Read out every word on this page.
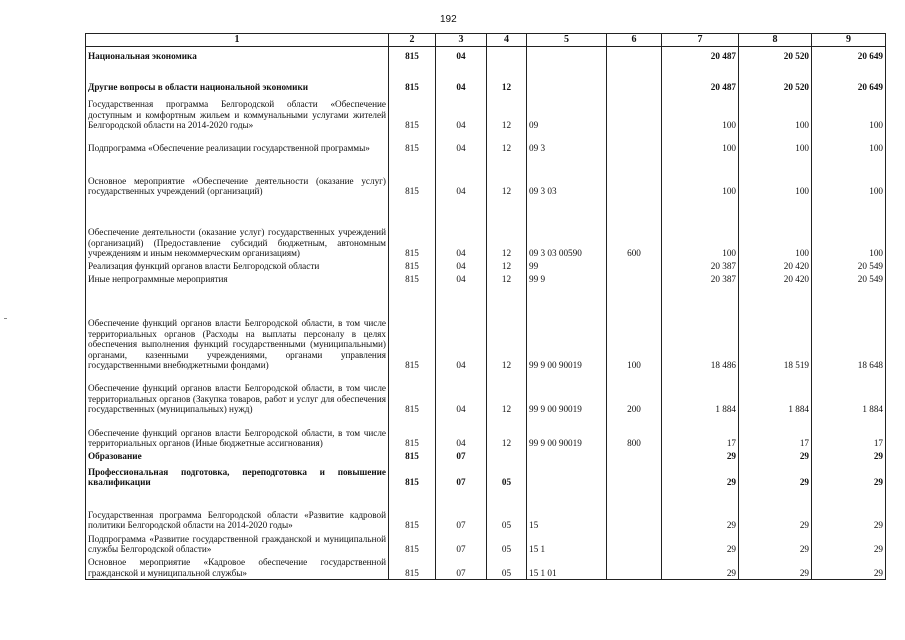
192
1	2	3	4	5	6	7	8	9
Национальная экономика	815	04				20 487	20 520	20 649
Другие вопросы в области национальной экономики	815	04	12			20 487	20 520	20 649
Государственная программа Белгородской области «Обеспечение доступным и комфортным жильем и коммунальными услугами жителей Белгородской области на 2014-2020 годы»	815	04	12	09		100	100	100
Подпрограмма «Обеспечение реализации государственной программы»	815	04	12	09 3		100	100	100
Основное мероприятие «Обеспечение деятельности (оказание услуг) государственных учреждений (организаций)	815	04	12	09 3 03		100	100	100
Обеспечение деятельности (оказание услуг) государственных учреждений (организаций) (Предоставление субсидий бюджетным, автономным учреждениям и иным некоммерческим организациям)	815	04	12	09 3 03 00590	600	100	100	100
Реализация функций органов власти Белгородской области	815	04	12	99		20 387	20 420	20 549
Иные непрограммные мероприятия	815	04	12	99 9		20 387	20 420	20 549
Обеспечение функций органов власти Белгородской области, в том числе территориальных органов (Расходы на выплаты персоналу в целях обеспечения выполнения функций государственными (муниципальными) органами, казенными учреждениями, органами управления государственными внебюджетными фондами)	815	04	12	99 9 00 90019	100	18 486	18 519	18 648
Обеспечение функций органов власти Белгородской области, в том числе территориальных органов (Закупка товаров, работ и услуг для обеспечения государственных (муниципальных) нужд)	815	04	12	99 9 00 90019	200	1 884	1 884	1 884
Обеспечение функций органов власти Белгородской области, в том числе территориальных органов (Иные бюджетные ассигнования)	815	04	12	99 9 00 90019	800	17	17	17
Образование	815	07				29	29	29
Профессиональная подготовка, переподготовка и повышение квалификации	815	07	05			29	29	29
Государственная программа Белгородской области «Развитие кадровой политики Белгородской области на 2014-2020 годы»	815	07	05	15		29	29	29
Подпрограмма «Развитие государственной гражданской и муниципальной службы Белгородской области»	815	07	05	15 1		29	29	29
Основное мероприятие «Кадровое обеспечение государственной гражданской и муниципальной службы»	815	07	05	15 1 01		29	29	29
